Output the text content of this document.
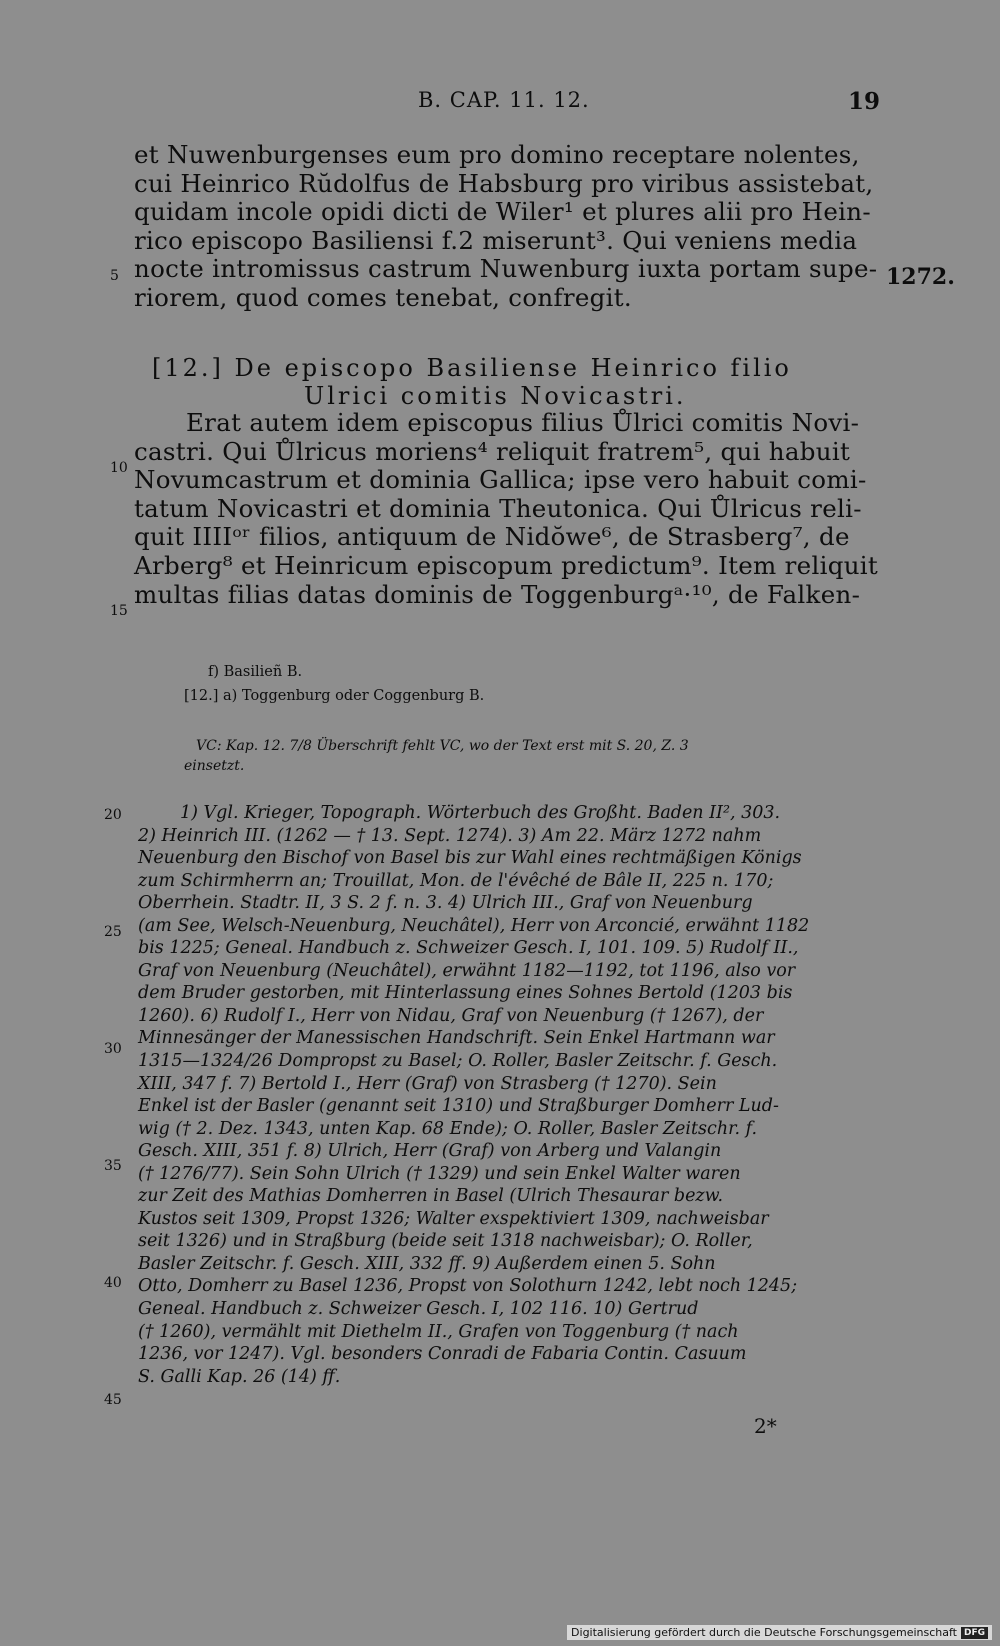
B. CAP. 11. 12.	19

et Nuwenburgenses eum pro domino receptare nolentes,

cui Heinrico Rŭdolfus de Habsburg pro viribus assistebat,

quidam incole opidi dicti de Wiler¹ et plures alii pro Hein-

rico episcopo Basiliensi f.2 miserunt³. Qui veniens media

nocte intromissus castrum Nuwenburg iuxta portam supe-

riorem, quod comes tenebat, confregit.

5	1272.
[12.] De episcopo Basiliense Heinrico filio
Ulrici comitis Novicastri.

Erat autem idem episcopus filius Ůlrici comitis Novi-

castri. Qui Ůlricus moriens⁴ reliquit fratrem⁵, qui habuit

Novumcastrum et dominia Gallica; ipse vero habuit comi-

tatum Novicastri et dominia Theutonica. Qui Ůlricus reli-

quit IIIIᵒʳ filios, antiquum de Nidŏwe⁶, de Strasberg⁷, de

Arberg⁸ et Heinricum episcopum predictum⁹. Item reliquit

multas filias datas dominis de Toggenburgᵃ·¹⁰, de Falken-

10
15

f) Basilieñ B.

[12.] a) Toggenburg oder Coggenburg B.

VC: Kap. 12. 7/8 Überschrift fehlt VC, wo der Text erst mit S. 20, Z. 3
einsetzt.

1) Vgl. Krieger, Topograph. Wörterbuch des Großht. Baden II², 303.

2) Heinrich III. (1262 — † 13. Sept. 1274). 3) Am 22. März 1272 nahm

Neuenburg den Bischof von Basel bis zur Wahl eines rechtmäßigen Königs

zum Schirmherrn an; Trouillat, Mon. de l'évêché de Bâle II, 225 n. 170;

Oberrhein. Stadtr. II, 3 S. 2 f. n. 3. 4) Ulrich III., Graf von Neuenburg

(am See, Welsch-Neuenburg, Neuchâtel), Herr von Arconcié, erwähnt 1182

bis 1225; Geneal. Handbuch z. Schweizer Gesch. I, 101. 109. 5) Rudolf II.,

Graf von Neuenburg (Neuchâtel), erwähnt 1182—1192, tot 1196, also vor

dem Bruder gestorben, mit Hinterlassung eines Sohnes Bertold (1203 bis

1260). 6) Rudolf I., Herr von Nidau, Graf von Neuenburg († 1267), der

Minnesänger der Manessischen Handschrift. Sein Enkel Hartmann war

1315—1324/26 Dompropst zu Basel; O. Roller, Basler Zeitschr. f. Gesch.

XIII, 347 f. 7) Bertold I., Herr (Graf) von Strasberg († 1270). Sein

Enkel ist der Basler (genannt seit 1310) und Straßburger Domherr Lud-

wig († 2. Dez. 1343, unten Kap. 68 Ende); O. Roller, Basler Zeitschr. f.

Gesch. XIII, 351 f. 8) Ulrich, Herr (Graf) von Arberg und Valangin

(† 1276/77). Sein Sohn Ulrich († 1329) und sein Enkel Walter waren

zur Zeit des Mathias Domherren in Basel (Ulrich Thesaurar bezw.

Kustos seit 1309, Propst 1326; Walter exspektiviert 1309, nachweisbar

seit 1326) und in Straßburg (beide seit 1318 nachweisbar); O. Roller,

Basler Zeitschr. f. Gesch. XIII, 332 ff. 9) Außerdem einen 5. Sohn

Otto, Domherr zu Basel 1236, Propst von Solothurn 1242, lebt noch 1245;

Geneal. Handbuch z. Schweizer Gesch. I, 102 116. 10) Gertrud

(† 1260), vermählt mit Diethelm II., Grafen von Toggenburg († nach

1236, vor 1247). Vgl. besonders Conradi de Fabaria Contin. Casuum

S. Galli Kap. 26 (14) ff.

20
25
30
35
40
45
2*
Digitalisierung gefördert durch die Deutsche Forschungsgemeinschaft DFG
